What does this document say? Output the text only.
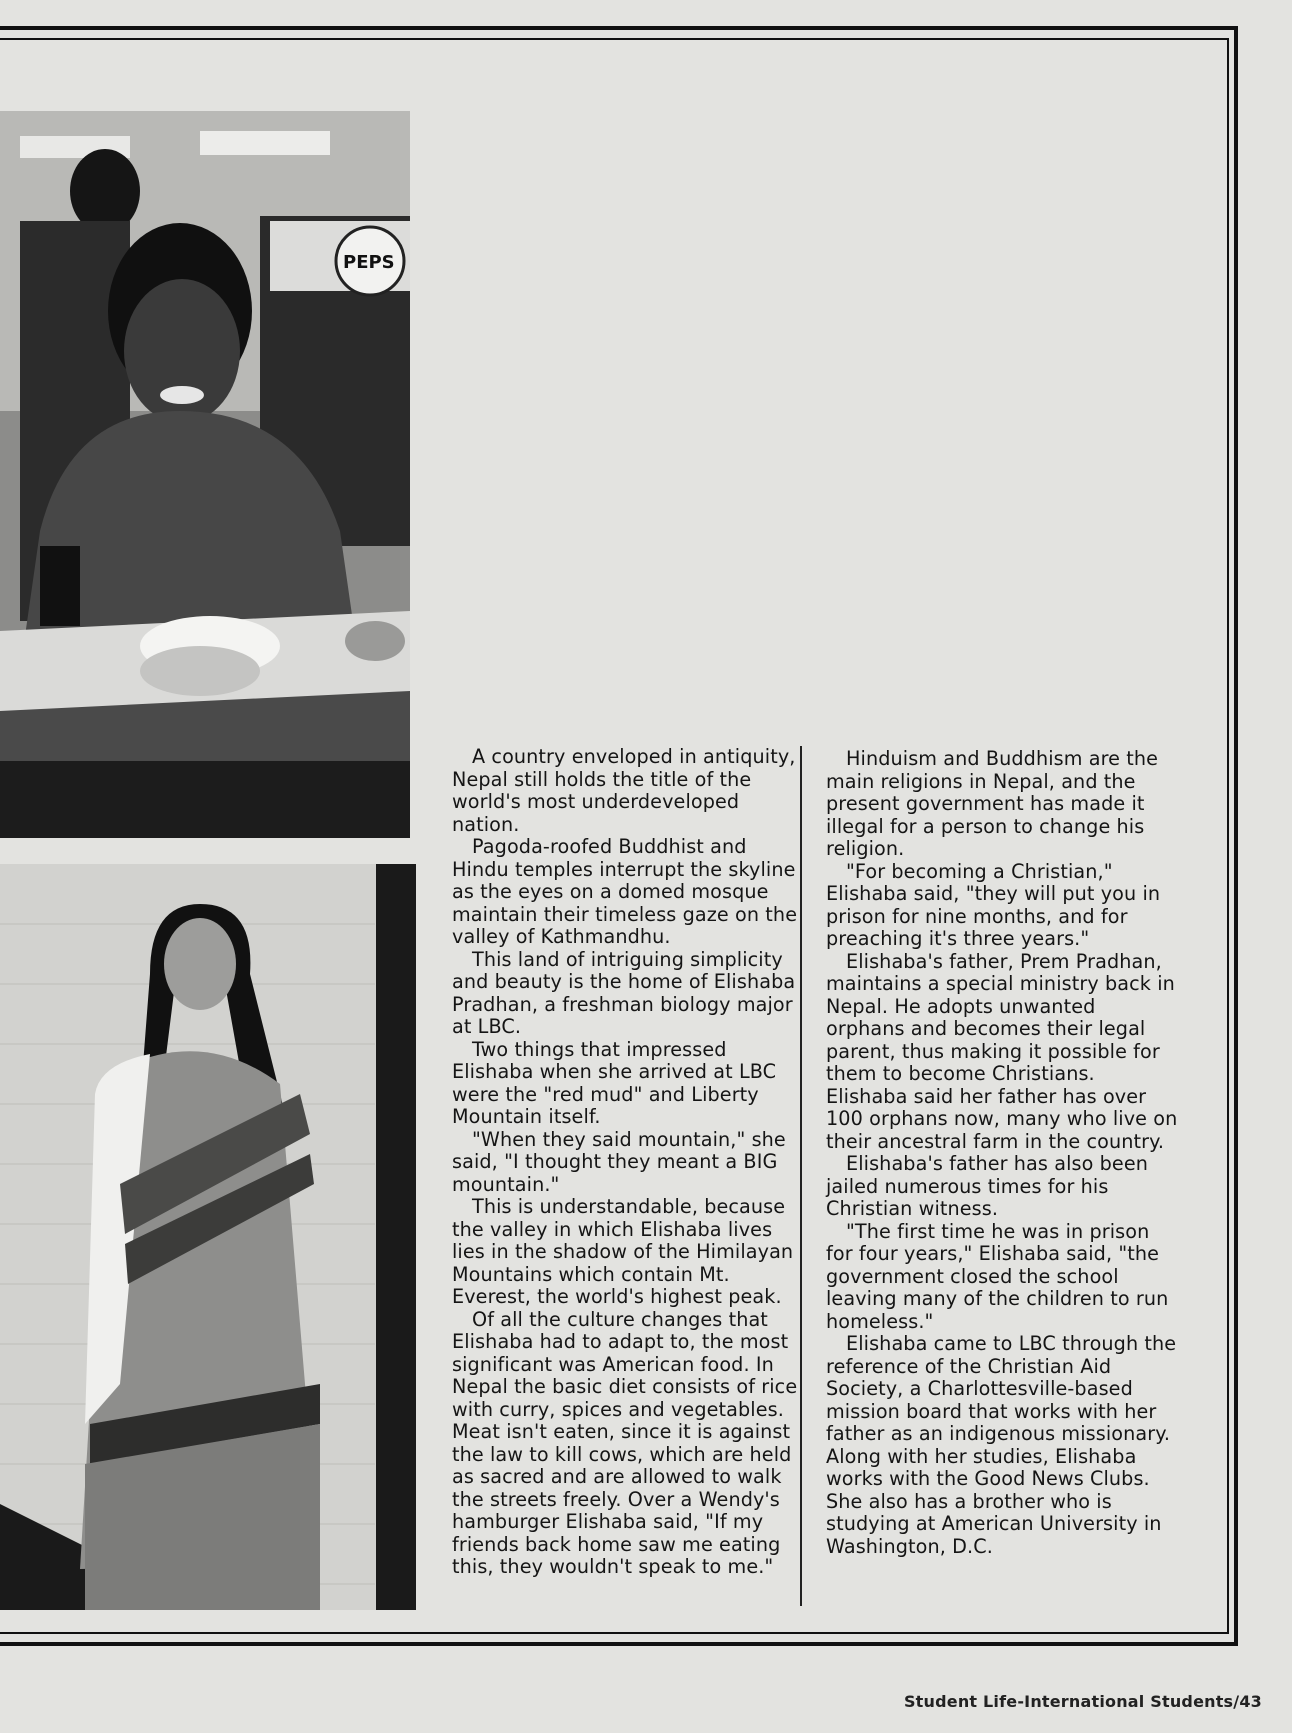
PEPS

A country enveloped in antiquity, Nepal still holds the title of the world's most underdeveloped nation.

Pagoda-roofed Buddhist and Hindu temples interrupt the skyline as the eyes on a domed mosque maintain their timeless gaze on the valley of Kathmandhu.

This land of intriguing simplicity and beauty is the home of Elishaba Pradhan, a freshman biology major at LBC.

Two things that impressed Elishaba when she arrived at LBC were the "red mud" and Liberty Mountain itself.

"When they said mountain," she said, "I thought they meant a BIG mountain."

This is understandable, because the valley in which Elishaba lives lies in the shadow of the Himilayan Mountains which contain Mt. Everest, the world's highest peak.

Of all the culture changes that Elishaba had to adapt to, the most significant was American food. In Nepal the basic diet consists of rice with curry, spices and vegetables. Meat isn't eaten, since it is against the law to kill cows, which are held as sacred and are allowed to walk the streets freely. Over a Wendy's hamburger Elishaba said, "If my friends back home saw me eating this, they wouldn't speak to me."

Hinduism and Buddhism are the main religions in Nepal, and the present government has made it illegal for a person to change his religion.

"For becoming a Christian," Elishaba said, "they will put you in prison for nine months, and for preaching it's three years."

Elishaba's father, Prem Pradhan, maintains a special ministry back in Nepal. He adopts unwanted orphans and becomes their legal parent, thus making it possible for them to become Christians. Elishaba said her father has over 100 orphans now, many who live on their ancestral farm in the country.

Elishaba's father has also been jailed numerous times for his Christian witness.

"The first time he was in prison for four years," Elishaba said, "the government closed the school leaving many of the children to run homeless."

Elishaba came to LBC through the reference of the Christian Aid Society, a Charlottesville-based mission board that works with her father as an indigenous missionary. Along with her studies, Elishaba works with the Good News Clubs. She also has a brother who is studying at American University in Washington, D.C.

Student Life-International Students/43
